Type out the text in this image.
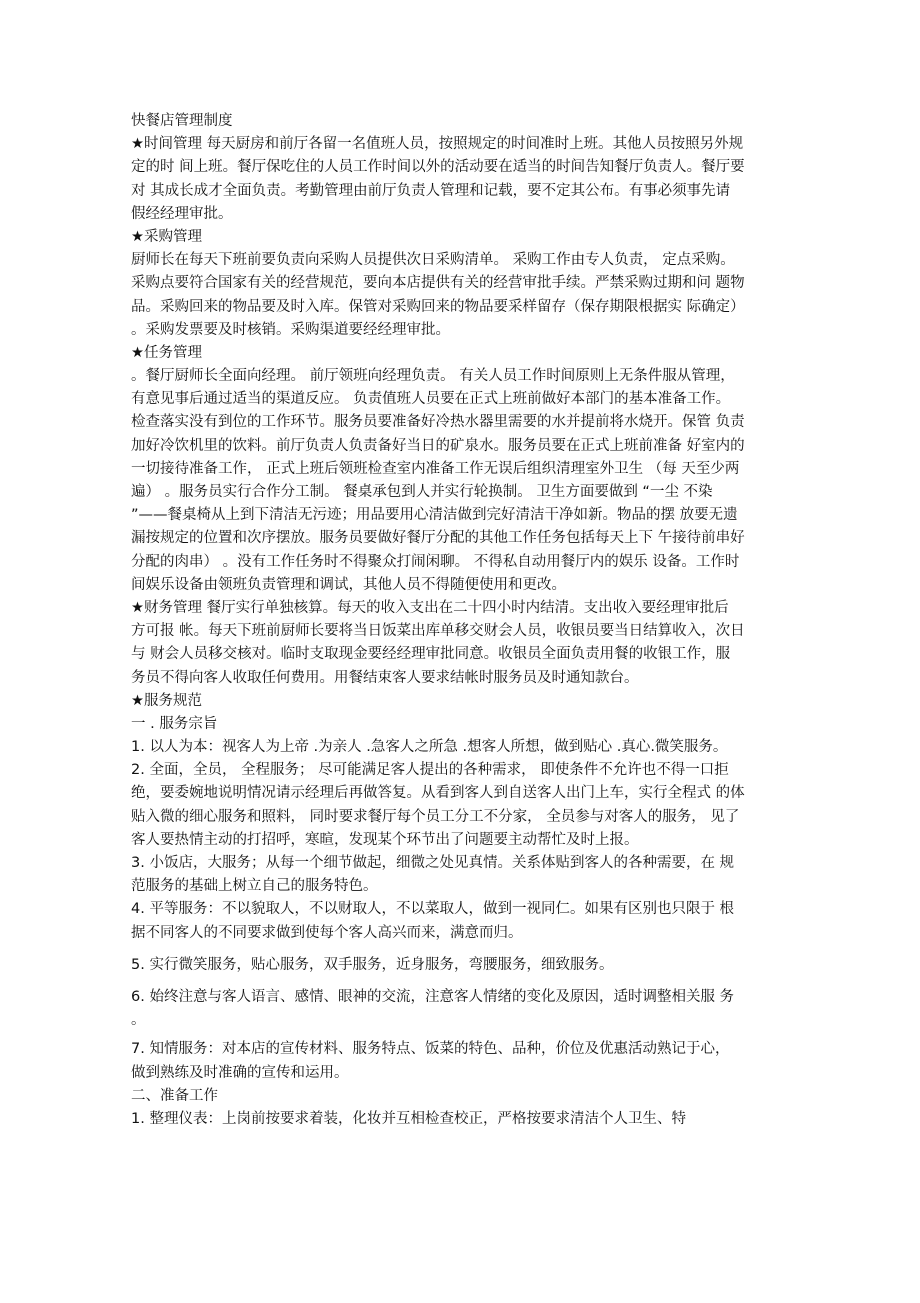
快餐店管理制度
★时间管理 每天厨房和前厅各留一名值班人员，按照规定的时间准时上班。其他人员按照另外规
定的时 间上班。餐厅保吃住的人员工作时间以外的活动要在适当的时间告知餐厅负责人。餐厅要
对 其成长成才全面负责。考勤管理由前厅负责人管理和记载，要不定其公布。有事必须事先请
假经经理审批。
★采购管理
厨师长在每天下班前要负责向采购人员提供次日采购清单。 采购工作由专人负责， 定点采购。
采购点要符合国家有关的经营规范，要向本店提供有关的经营审批手续。严禁采购过期和问 题物
品。采购回来的物品要及时入库。保管对采购回来的物品要采样留存（保存期限根据实 际确定）
。采购发票要及时核销。采购渠道要经经理审批。
★任务管理
。餐厅厨师长全面向经理。 前厅领班向经理负责。 有关人员工作时间原则上无条件服从管理，
有意见事后通过适当的渠道反应。 负责值班人员要在正式上班前做好本部门的基本准备工作。
检查落实没有到位的工作环节。服务员要准备好冷热水器里需要的水并提前将水烧开。保管 负责
加好冷饮机里的饮料。前厅负责人负责备好当日的矿泉水。服务员要在正式上班前准备 好室内的
一切接待准备工作， 正式上班后领班检查室内准备工作无误后组织清理室外卫生 （每 天至少两
遍） 。服务员实行合作分工制。 餐桌承包到人并实行轮换制。 卫生方面要做到 “一尘 不染
”——餐桌椅从上到下清洁无污迹；用品要用心清洁做到完好清洁干净如新。物品的摆 放要无遗
漏按规定的位置和次序摆放。服务员要做好餐厅分配的其他工作任务包括每天上下 午接待前串好
分配的肉串） 。没有工作任务时不得聚众打闹闲聊。 不得私自动用餐厅内的娱乐 设备。工作时
间娱乐设备由领班负责管理和调试，其他人员不得随便使用和更改。
★财务管理 餐厅实行单独核算。每天的收入支出在二十四小时内结清。支出收入要经理审批后
方可报 帐。每天下班前厨师长要将当日饭菜出库单移交财会人员，收银员要当日结算收入，次日
与 财会人员移交核对。临时支取现金要经经理审批同意。收银员全面负责用餐的收银工作，服
务员不得向客人收取任何费用。用餐结束客人要求结帐时服务员及时通知款台。
★服务规范
一 . 服务宗旨
1. 以人为本：视客人为上帝 .为亲人 .急客人之所急 .想客人所想，做到贴心 .真心.微笑服务。
2. 全面，全员， 全程服务； 尽可能满足客人提出的各种需求， 即使条件不允许也不得一口拒
绝，要委婉地说明情况请示经理后再做答复。从看到客人到自送客人出门上车，实行全程式 的体
贴入微的细心服务和照料， 同时要求餐厅每个员工分工不分家， 全员参与对客人的服务， 见了
客人要热情主动的打招呼，寒暄，发现某个环节出了问题要主动帮忙及时上报。
3. 小饭店，大服务；从每一个细节做起，细微之处见真情。关系体贴到客人的各种需要，在 规
范服务的基础上树立自己的服务特色。
4. 平等服务：不以貌取人，不以财取人，不以菜取人，做到一视同仁。如果有区别也只限于 根
据不同客人的不同要求做到使每个客人高兴而来，满意而归。
5. 实行微笑服务，贴心服务，双手服务，近身服务，弯腰服务，细致服务。
6. 始终注意与客人语言、感情、眼神的交流，注意客人情绪的变化及原因，适时调整相关服 务
。
7. 知情服务：对本店的宣传材料、服务特点、饭菜的特色、品种，价位及优惠活动熟记于心，
做到熟练及时准确的宣传和运用。
二、准备工作
1. 整理仪表：上岗前按要求着装，化妆并互相检查校正，严格按要求清洁个人卫生、特
